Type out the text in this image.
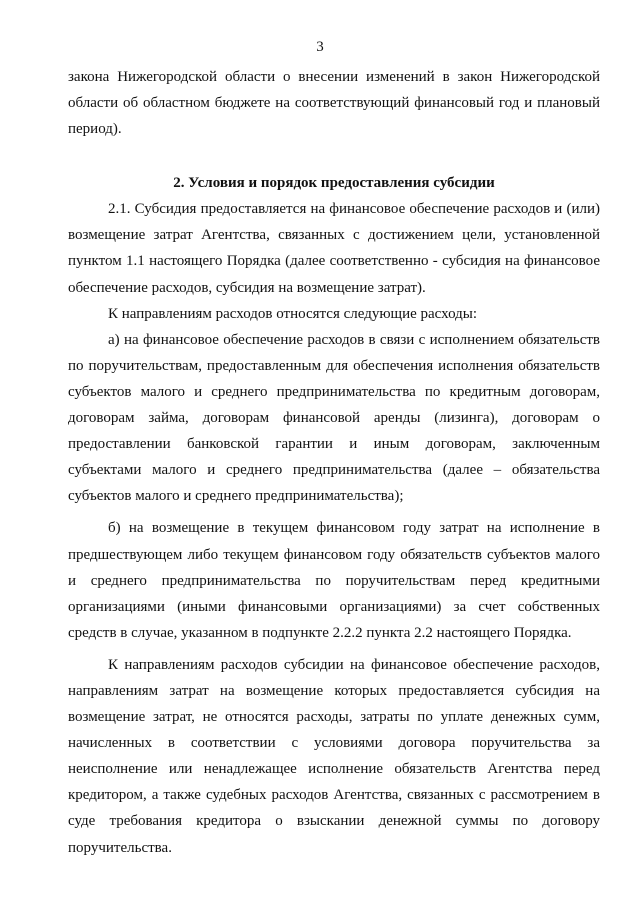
3

закона Нижегородской области о внесении изменений в закон Нижегородской области об областном бюджете на соответствующий финансовый год и плановый период).

2. Условия и порядок предоставления субсидии

2.1. Субсидия предоставляется на финансовое обеспечение расходов и (или) возмещение затрат Агентства, связанных с достижением цели, установленной пунктом 1.1 настоящего Порядка (далее соответственно - субсидия на финансовое обеспечение расходов, субсидия на возмещение затрат).

К направлениям расходов относятся следующие расходы:

а) на финансовое обеспечение расходов в связи с исполнением обязательств по поручительствам, предоставленным для обеспечения исполнения обязательств субъектов малого и среднего предпринимательства по кредитным договорам, договорам займа, договорам финансовой аренды (лизинга), договорам о предоставлении банковской гарантии и иным договорам, заключенным субъектами малого и среднего предпринимательства (далее – обязательства субъектов малого и среднего предпринимательства);

б) на возмещение в текущем финансовом году затрат на исполнение в предшествующем либо текущем финансовом году обязательств субъектов малого и среднего предпринимательства по поручительствам перед кредитными организациями (иными финансовыми организациями) за счет собственных средств в случае, указанном в подпункте 2.2.2 пункта 2.2 настоящего Порядка.

К направлениям расходов субсидии на финансовое обеспечение расходов, направлениям затрат на возмещение которых предоставляется субсидия на возмещение затрат, не относятся расходы, затраты по уплате денежных сумм, начисленных в соответствии с условиями договора поручительства за неисполнение или ненадлежащее исполнение обязательств Агентства перед кредитором, а также судебных расходов Агентства, связанных с рассмотрением в суде требования кредитора о взыскании денежной суммы по договору поручительства.
